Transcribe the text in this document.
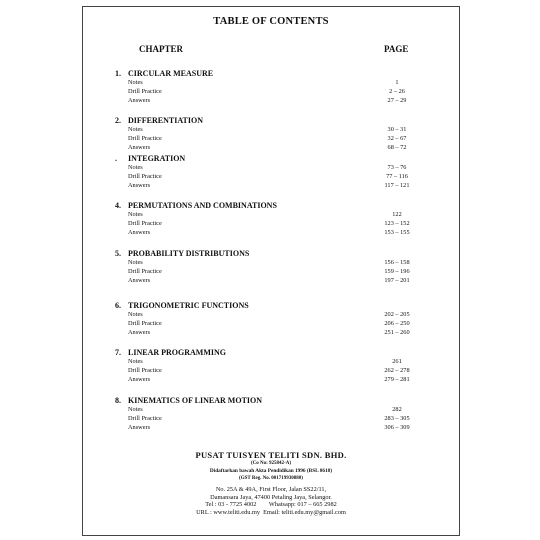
TABLE OF CONTENTS
CHAPTER	PAGE
1. CIRCULAR MEASURE
Notes	1
Drill Practice	2 – 26
Answers	27 – 29
2. DIFFERENTIATION
Notes	30 – 31
Drill Practice	32 – 67
Answers	68 – 72
. INTEGRATION
Notes	73 – 76
Drill Practice	77 – 116
Answers	117 – 121
4. PERMUTATIONS AND COMBINATIONS
Notes	122
Drill Practice	123 – 152
Answers	153 – 155
5. PROBABILITY DISTRIBUTIONS
Notes	156 – 158
Drill Practice	159 – 196
Answers	197 – 201
6. TRIGONOMETRIC FUNCTIONS
Notes	202 – 205
Drill Practice	206 – 250
Answers	251 – 260
7. LINEAR PROGRAMMING
Notes	261
Drill Practice	262 – 278
Answers	279 – 281
8. KINEMATICS OF LINEAR MOTION
Notes	282
Drill Practice	283 – 305
Answers	306 – 309
PUSAT TUISYEN TELITI SDN. BHD.
(Co No: 925842-A)
Didaftarkan bawah Akta Pendidikan 1996 (BSL 8618)
(GST Reg. No. 001719930880)
No. 25A & 49A, First Floor, Jalan SS22/11,
Damansara Jaya, 47400 Petaling Jaya, Selangor.
Tel : 03 - 7725 4002        Whatsapp: 017 – 665 2982
URL : www.teliti.edu.my  Email: teliti.edu.my@gmail.com
